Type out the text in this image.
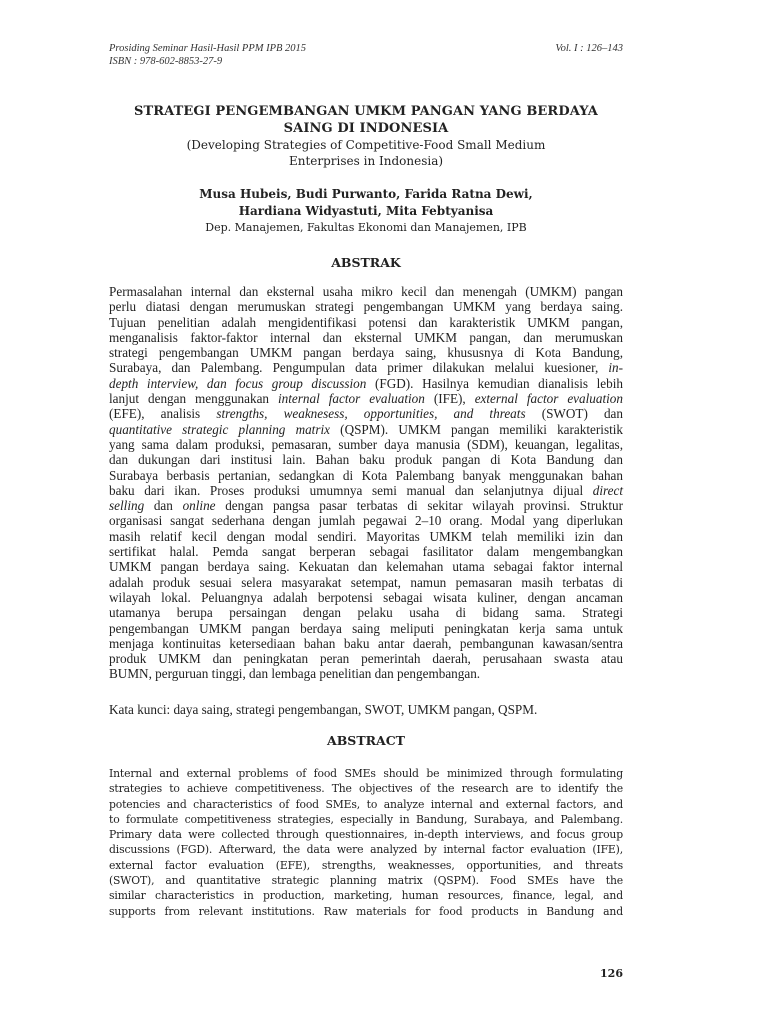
Prosiding Seminar Hasil-Hasil PPM IPB 2015	Vol. I : 126–143
ISBN : 978-602-8853-27-9
STRATEGI PENGEMBANGAN UMKM PANGAN YANG BERDAYA
SAING DI INDONESIA
(Developing Strategies of Competitive-Food Small Medium
Enterprises in Indonesia)
Musa Hubeis, Budi Purwanto, Farida Ratna Dewi,
Hardiana Widyastuti, Mita Febtyanisa
Dep. Manajemen, Fakultas Ekonomi dan Manajemen, IPB
ABSTRAK
Permasalahan internal dan eksternal usaha mikro kecil dan menengah (UMKM) pangan
perlu diatasi dengan merumuskan strategi pengembangan UMKM yang berdaya saing.
Tujuan penelitian adalah mengidentifikasi potensi dan karakteristik UMKM pangan,
menganalisis faktor-faktor internal dan eksternal UMKM pangan, dan merumuskan
strategi pengembangan UMKM pangan berdaya saing, khususnya di Kota Bandung,
Surabaya, dan Palembang. Pengumpulan data primer dilakukan melalui kuesioner, in-
depth interview, dan focus group discussion (FGD). Hasilnya kemudian dianalisis lebih
lanjut dengan menggunakan internal factor evaluation (IFE), external factor evaluation
(EFE), analisis strengths, weaknesess, opportunities, and threats (SWOT) dan
quantitative strategic planning matrix (QSPM). UMKM pangan memiliki karakteristik
yang sama dalam produksi, pemasaran, sumber daya manusia (SDM), keuangan, legalitas,
dan dukungan dari institusi lain. Bahan baku produk pangan di Kota Bandung dan
Surabaya berbasis pertanian, sedangkan di Kota Palembang banyak menggunakan bahan
baku dari ikan. Proses produksi umumnya semi manual dan selanjutnya dijual direct
selling dan online dengan pangsa pasar terbatas di sekitar wilayah provinsi. Struktur
organisasi sangat sederhana dengan jumlah pegawai 2–10 orang. Modal yang diperlukan
masih relatif kecil dengan modal sendiri. Mayoritas UMKM telah memiliki izin dan
sertifikat halal. Pemda sangat berperan sebagai fasilitator dalam mengembangkan
UMKM pangan berdaya saing. Kekuatan dan kelemahan utama sebagai faktor internal
adalah produk sesuai selera masyarakat setempat, namun pemasaran masih terbatas di
wilayah lokal. Peluangnya adalah berpotensi sebagai wisata kuliner, dengan ancaman
utamanya berupa persaingan dengan pelaku usaha di bidang sama. Strategi
pengembangan UMKM pangan berdaya saing meliputi peningkatan kerja sama untuk
menjaga kontinuitas ketersediaan bahan baku antar daerah, pembangunan kawasan/sentra
produk UMKM dan peningkatan peran pemerintah daerah, perusahaan swasta atau
BUMN, perguruan tinggi, dan lembaga penelitian dan pengembangan.
Kata kunci: daya saing, strategi pengembangan, SWOT, UMKM pangan, QSPM.
ABSTRACT
Internal and external problems of food SMEs should be minimized through formulating
strategies to achieve competitiveness. The objectives of the research are to identify the
potencies and characteristics of food SMEs, to analyze internal and external factors, and
to formulate competitiveness strategies, especially in Bandung, Surabaya, and Palembang.
Primary data were collected through questionnaires, in-depth interviews, and focus group
discussions (FGD). Afterward, the data were analyzed by internal factor evaluation (IFE),
external factor evaluation (EFE), strengths, weaknesses, opportunities, and threats
(SWOT), and quantitative strategic planning matrix (QSPM). Food SMEs have the
similar characteristics in production, marketing, human resources, finance, legal, and
supports from relevant institutions. Raw materials for food products in Bandung and
126
